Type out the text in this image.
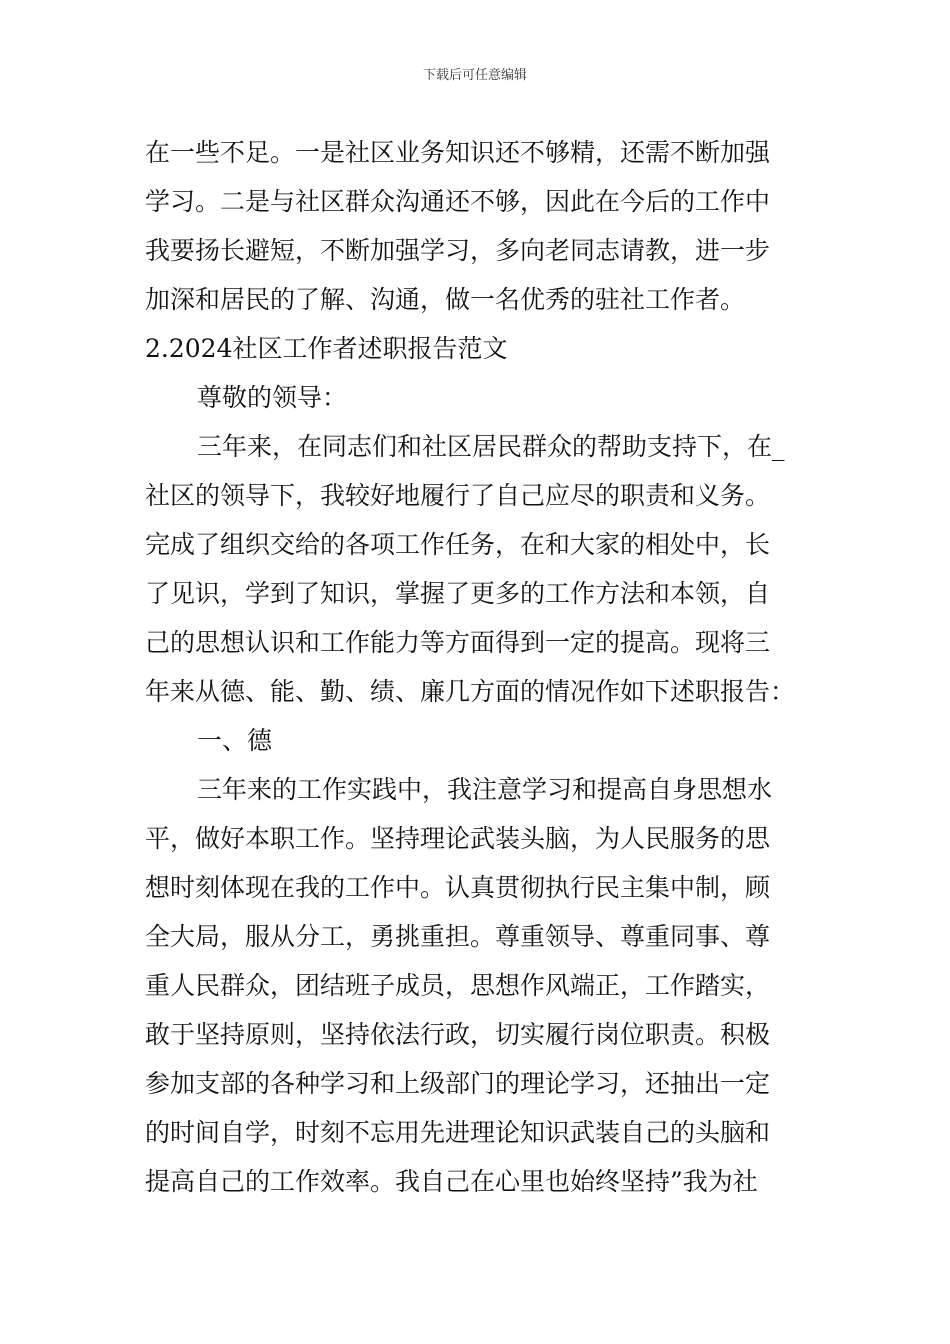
下载后可任意编辑
在一些不足。一是社区业务知识还不够精，还需不断加强
学习。二是与社区群众沟通还不够，因此在今后的工作中
我要扬长避短，不断加强学习，多向老同志请教，进一步
加深和居民的了解、沟通，做一名优秀的驻社工作者。
2.2024社区工作者述职报告范文
尊敬的领导：
三年来，在同志们和社区居民群众的帮助支持下，在_
社区的领导下，我较好地履行了自己应尽的职责和义务。
完成了组织交给的各项工作任务，在和大家的相处中，长
了见识，学到了知识，掌握了更多的工作方法和本领，自
己的思想认识和工作能力等方面得到一定的提高。现将三
年来从德、能、勤、绩、廉几方面的情况作如下述职报告：
一、德
三年来的工作实践中，我注意学习和提高自身思想水
平，做好本职工作。坚持理论武装头脑，为人民服务的思
想时刻体现在我的工作中。认真贯彻执行民主集中制，顾
全大局，服从分工，勇挑重担。尊重领导、尊重同事、尊
重人民群众，团结班子成员，思想作风端正，工作踏实，
敢于坚持原则，坚持依法行政，切实履行岗位职责。积极
参加支部的各种学习和上级部门的理论学习，还抽出一定
的时间自学，时刻不忘用先进理论知识武装自己的头脑和
提高自己的工作效率。我自己在心里也始终坚持”我为社
